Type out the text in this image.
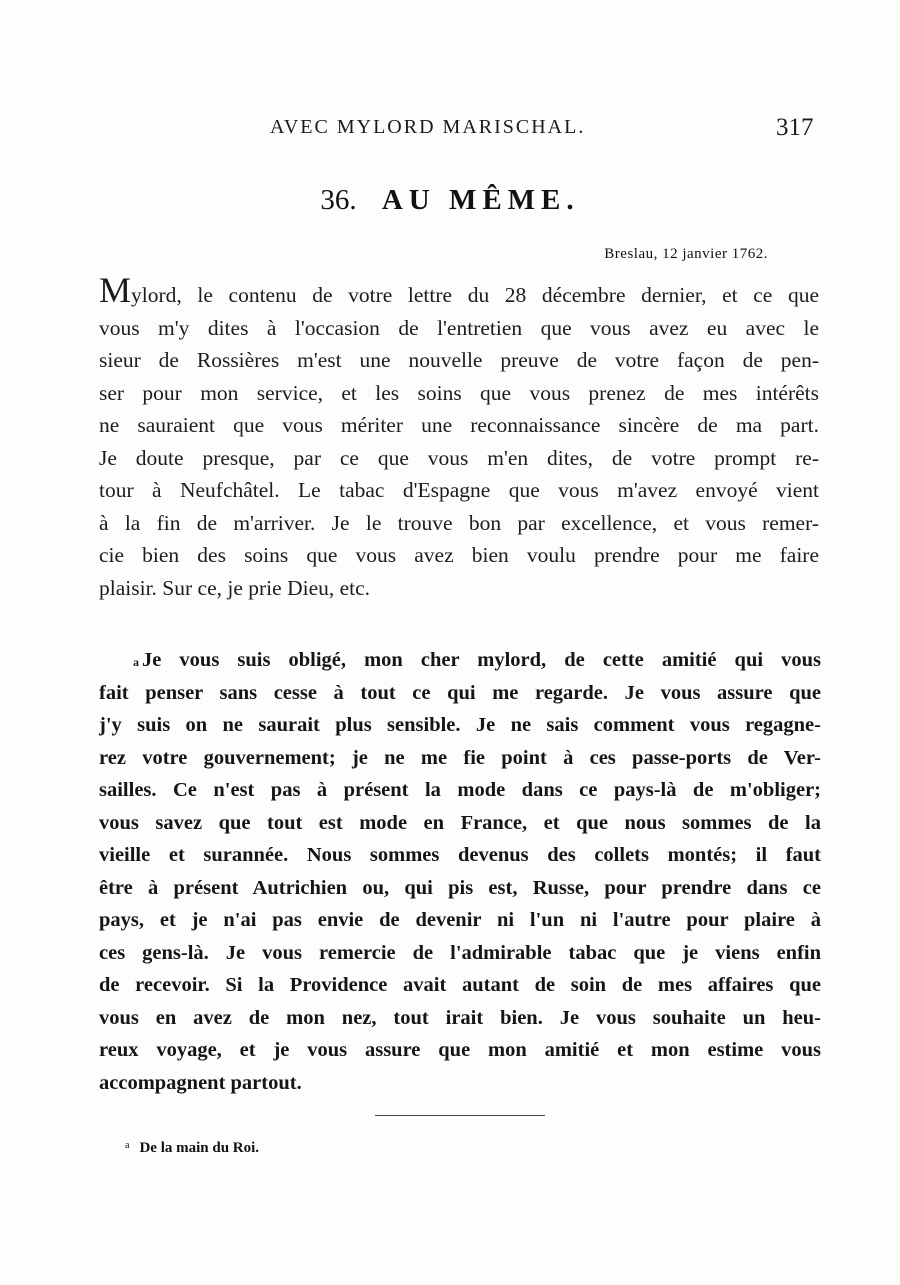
AVEC MYLORD MARISCHAL.	317
36. AU MÊME.
Breslau, 12 janvier 1762.
Mylord, le contenu de votre lettre du 28 décembre dernier, et ce que
vous m'y dites à l'occasion de l'entretien que vous avez eu avec le
sieur de Rossières m'est une nouvelle preuve de votre façon de pen-
ser pour mon service, et les soins que vous prenez de mes intérêts
ne sauraient que vous mériter une reconnaissance sincère de ma part.
Je doute presque, par ce que vous m'en dites, de votre prompt re-
tour à Neufchâtel. Le tabac d'Espagne que vous m'avez envoyé vient
à la fin de m'arriver. Je le trouve bon par excellence, et vous remer-
cie bien des soins que vous avez bien voulu prendre pour me faire
plaisir. Sur ce, je prie Dieu, etc.
$^a$ Je vous suis obligé, mon cher mylord, de cette amitié qui vous
fait penser sans cesse à tout ce qui me regarde. Je vous assure que
j'y suis on ne saurait plus sensible. Je ne sais comment vous regagne-
rez votre gouvernement; je ne me fie point à ces passe-ports de Ver-
sailles. Ce n'est pas à présent la mode dans ce pays-là de m'obliger;
vous savez que tout est mode en France, et que nous sommes de la
vieille et surannée. Nous sommes devenus des collets montés; il faut
être à présent Autrichien ou, qui pis est, Russe, pour prendre dans ce
pays, et je n'ai pas envie de devenir ni l'un ni l'autre pour plaire à
ces gens-là. Je vous remercie de l'admirable tabac que je viens enfin
de recevoir. Si la Providence avait autant de soin de mes affaires que
vous en avez de mon nez, tout irait bien. Je vous souhaite un heu-
reux voyage, et je vous assure que mon amitié et mon estime vous
accompagnent partout.
$^a$ De la main du Roi.
